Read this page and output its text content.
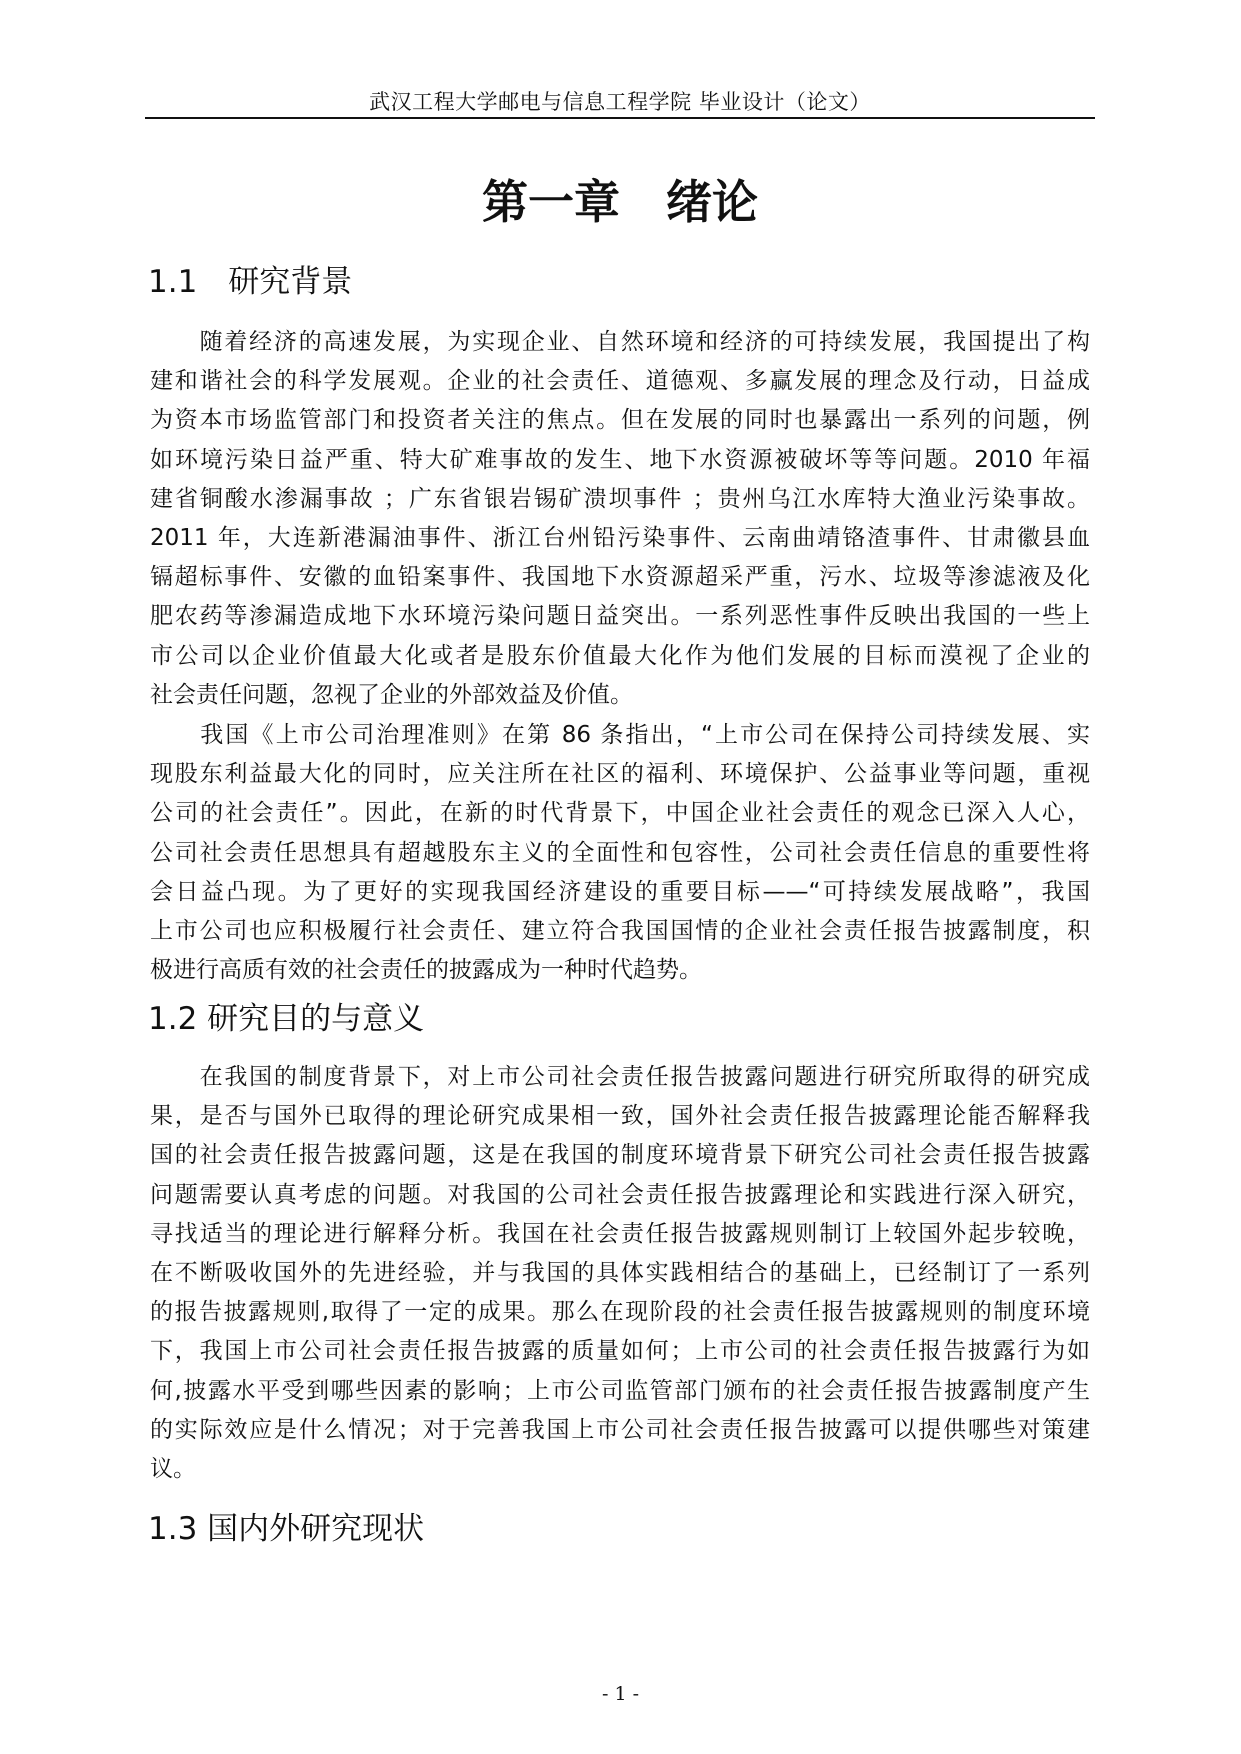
武汉工程大学邮电与信息工程学院 毕业设计（论文）
第一章　绪论
1.1　研究背景
　　随着经济的高速发展，为实现企业、自然环境和经济的可持续发展，我国提出了构
建和谐社会的科学发展观。企业的社会责任、道德观、多赢发展的理念及行动，日益成
为资本市场监管部门和投资者关注的焦点。但在发展的同时也暴露出一系列的问题，例
如环境污染日益严重、特大矿难事故的发生、地下水资源被破坏等等问题。2010 年福
建省铜酸水渗漏事故 ；广东省银岩锡矿溃坝事件 ；贵州乌江水库特大渔业污染事故。
2011 年，大连新港漏油事件、浙江台州铅污染事件、云南曲靖铬渣事件、甘肃徽县血
镉超标事件、安徽的血铅案事件、我国地下水资源超采严重，污水、垃圾等渗滤液及化
肥农药等渗漏造成地下水环境污染问题日益突出。一系列恶性事件反映出我国的一些上
市公司以企业价值最大化或者是股东价值最大化作为他们发展的目标而漠视了企业的
社会责任问题，忽视了企业的外部效益及价值。
　　我国《上市公司治理准则》在第 86 条指出，“上市公司在保持公司持续发展、实
现股东利益最大化的同时，应关注所在社区的福利、环境保护、公益事业等问题，重视
公司的社会责任”。因此，在新的时代背景下，中国企业社会责任的观念已深入人心，
公司社会责任思想具有超越股东主义的全面性和包容性，公司社会责任信息的重要性将
会日益凸现。为了更好的实现我国经济建设的重要目标——“可持续发展战略”，我国
上市公司也应积极履行社会责任、建立符合我国国情的企业社会责任报告披露制度，积
极进行高质有效的社会责任的披露成为一种时代趋势。
1.2 研究目的与意义
　　在我国的制度背景下，对上市公司社会责任报告披露问题进行研究所取得的研究成
果，是否与国外已取得的理论研究成果相一致，国外社会责任报告披露理论能否解释我
国的社会责任报告披露问题，这是在我国的制度环境背景下研究公司社会责任报告披露
问题需要认真考虑的问题。对我国的公司社会责任报告披露理论和实践进行深入研究，
寻找适当的理论进行解释分析。我国在社会责任报告披露规则制订上较国外起步较晚，
在不断吸收国外的先进经验，并与我国的具体实践相结合的基础上，已经制订了一系列
的报告披露规则,取得了一定的成果。那么在现阶段的社会责任报告披露规则的制度环境
下，我国上市公司社会责任报告披露的质量如何；上市公司的社会责任报告披露行为如
何,披露水平受到哪些因素的影响；上市公司监管部门颁布的社会责任报告披露制度产生
的实际效应是什么情况；对于完善我国上市公司社会责任报告披露可以提供哪些对策建
议。
1.3 国内外研究现状
- 1 -
